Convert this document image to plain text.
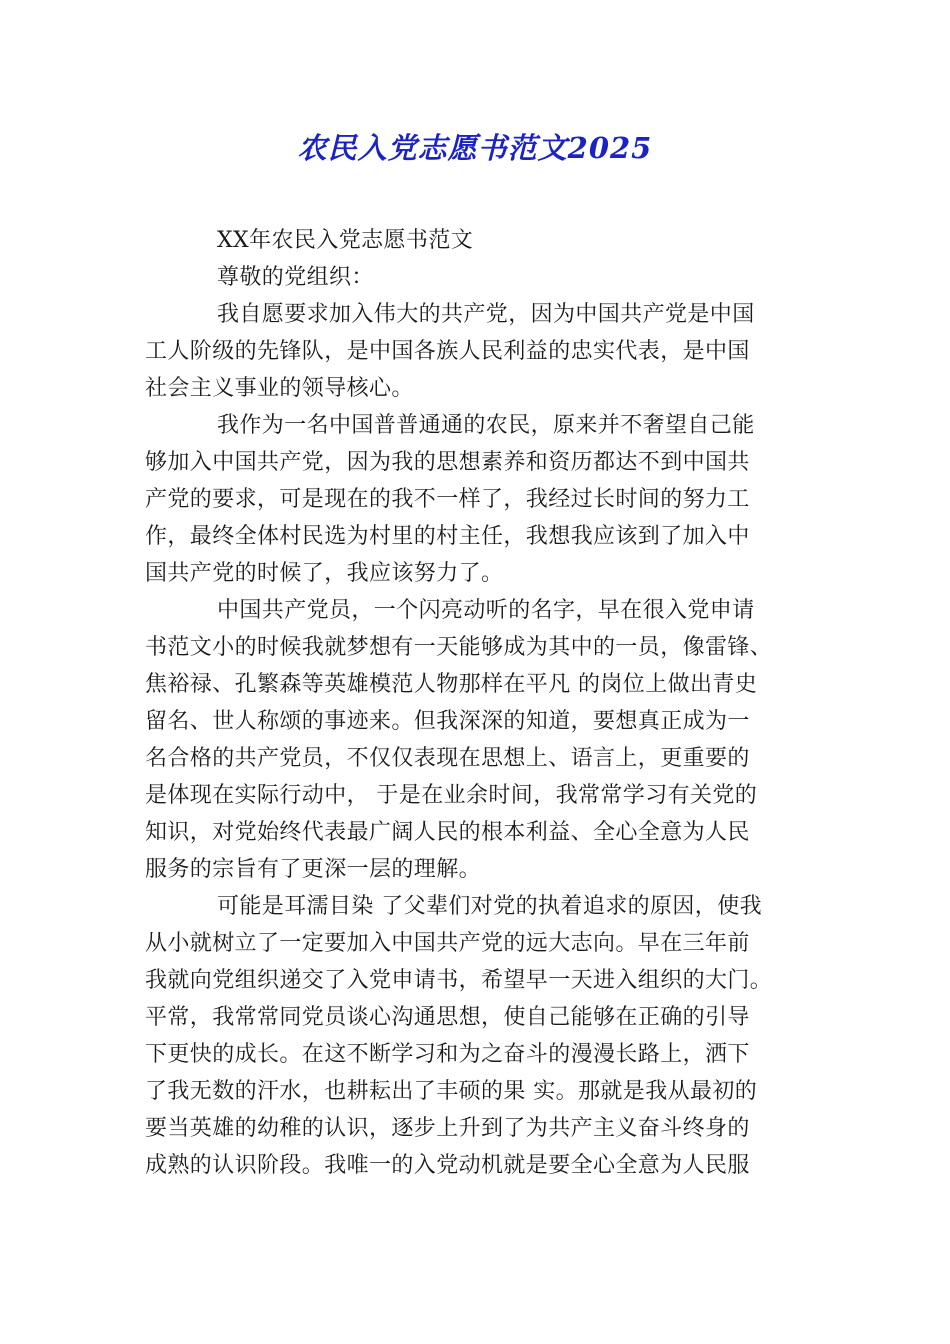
农民入党志愿书范文2025
XX年农民入党志愿书范文
尊敬的党组织：
我自愿要求加入伟大的共产党，因为中国共产党是中国
工人阶级的先锋队，是中国各族人民利益的忠实代表，是中国
社会主义事业的领导核心。
我作为一名中国普普通通的农民，原来并不奢望自己能
够加入中国共产党，因为我的思想素养和资历都达不到中国共
产党的要求，可是现在的我不一样了，我经过长时间的努力工
作，最终全体村民选为村里的村主任，我想我应该到了加入中
国共产党的时候了，我应该努力了。
中国共产党员，一个闪亮动听的名字，早在很入党申请
书范文小的时候我就梦想有一天能够成为其中的一员，像雷锋、
焦裕禄、孔繁森等英雄模范人物那样在平凡 的岗位上做出青史
留名、世人称颂的事迹来。但我深深的知道，要想真正成为一
名合格的共产党员，不仅仅表现在思想上、语言上，更重要的
是体现在实际行动中， 于是在业余时间，我常常学习有关党的
知识，对党始终代表最广阔人民的根本利益、全心全意为人民
服务的宗旨有了更深一层的理解。
可能是耳濡目染 了父辈们对党的执着追求的原因，使我
从小就树立了一定要加入中国共产党的远大志向。早在三年前
我就向党组织递交了入党申请书，希望早一天进入组织的大门。
平常，我常常同党员谈心沟通思想，使自己能够在正确的引导
下更快的成长。在这不断学习和为之奋斗的漫漫长路上，洒下
了我无数的汗水，也耕耘出了丰硕的果 实。那就是我从最初的
要当英雄的幼稚的认识，逐步上升到了为共产主义奋斗终身的
成熟的认识阶段。我唯一的入党动机就是要全心全意为人民服
